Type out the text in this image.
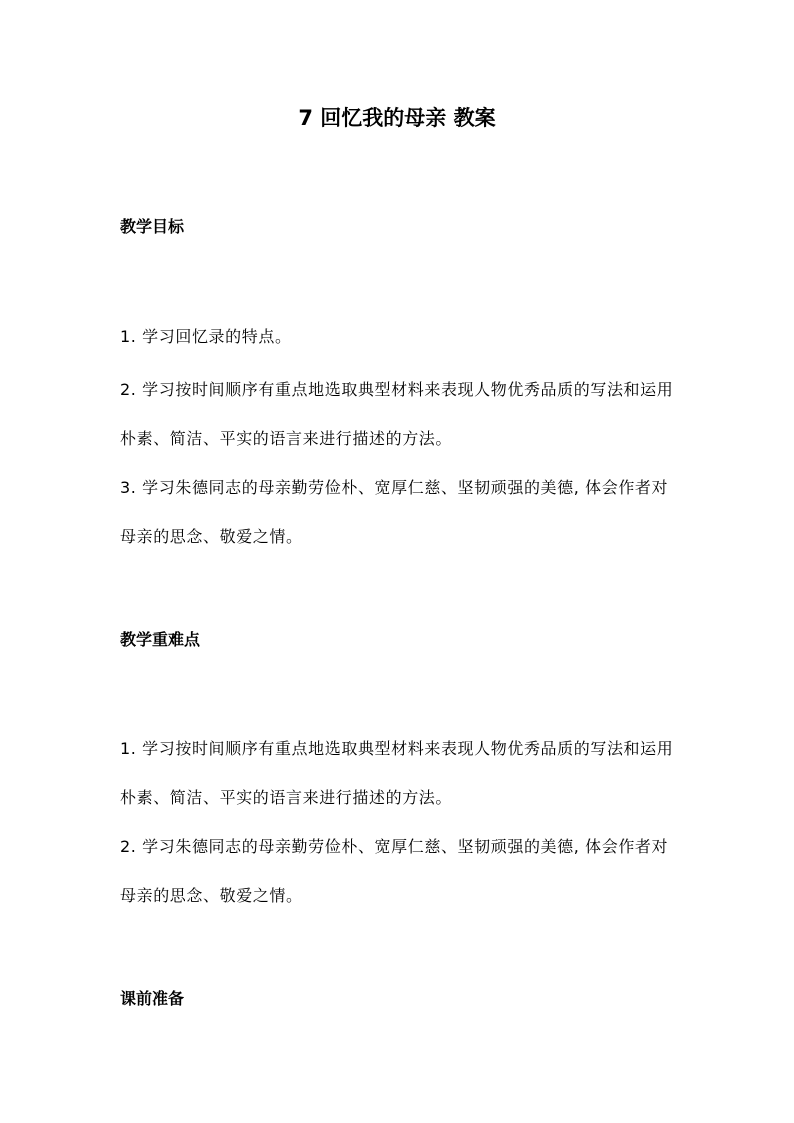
7 回忆我的母亲 教案
教学目标

1. 学习回忆录的特点。

2. 学习按时间顺序有重点地选取典型材料来表现人物优秀品质的写法和运用朴素、简洁、平实的语言来进行描述的方法。

3. 学习朱德同志的母亲勤劳俭朴、宽厚仁慈、坚韧顽强的美德, 体会作者对母亲的思念、敬爱之情。

教学重难点

1. 学习按时间顺序有重点地选取典型材料来表现人物优秀品质的写法和运用朴素、简洁、平实的语言来进行描述的方法。

2. 学习朱德同志的母亲勤劳俭朴、宽厚仁慈、坚韧顽强的美德, 体会作者对母亲的思念、敬爱之情。

课前准备
